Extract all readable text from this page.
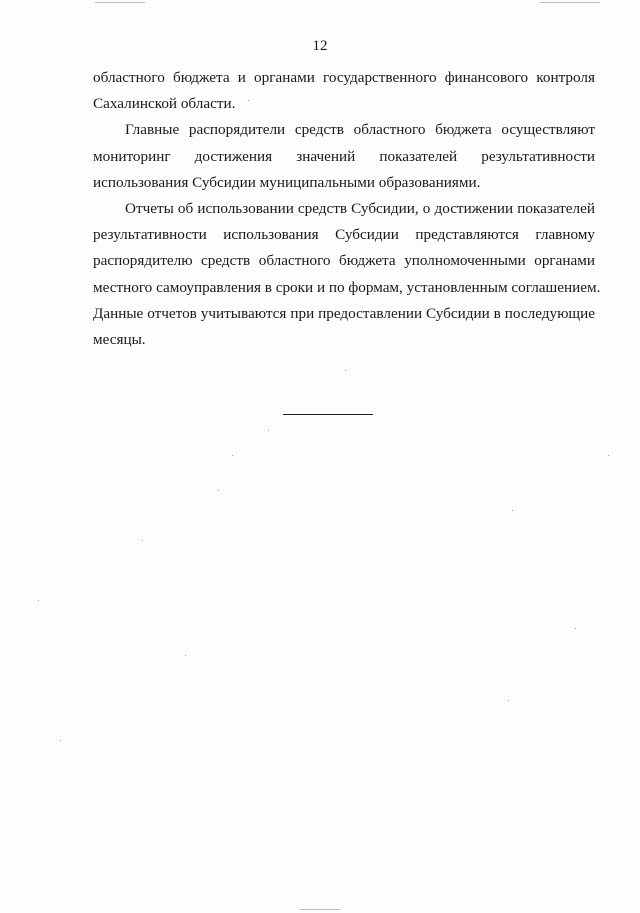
12
областного бюджета и органами государственного финансового контроля
Сахалинской области.
Главные распорядители средств областного бюджета осуществляют
мониторинг достижения значений показателей результативности
использования Субсидии муниципальными образованиями.
Отчеты об использовании средств Субсидии, о достижении показателей
результативности использования Субсидии представляются главному
распорядителю средств областного бюджета уполномоченными органами
местного самоуправления в сроки и по формам, установленным соглашением.
Данные отчетов учитываются при предоставлении Субсидии в последующие
месяцы.
